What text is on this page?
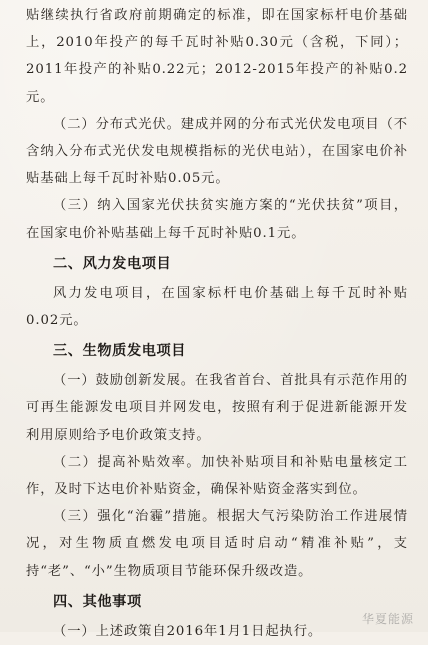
贴继续执行省政府前期确定的标准，即在国家标杆电价基础上，2010年投产的每千瓦时补贴0.30元（含税，下同）；2011年投产的补贴0.22元；2012-2015年投产的补贴0.2元。

（二）分布式光伏。建成并网的分布式光伏发电项目（不含纳入分布式光伏发电规模指标的光伏电站），在国家电价补贴基础上每千瓦时补贴0.05元。

（三）纳入国家光伏扶贫实施方案的“光伏扶贫”项目，在国家电价补贴基础上每千瓦时补贴0.1元。

二、风力发电项目

风力发电项目，在国家标杆电价基础上每千瓦时补贴0.02元。

三、生物质发电项目

（一）鼓励创新发展。在我省首台、首批具有示范作用的可再生能源发电项目并网发电，按照有利于促进新能源开发利用原则给予电价政策支持。

（二）提高补贴效率。加快补贴项目和补贴电量核定工作，及时下达电价补贴资金，确保补贴资金落实到位。

（三）强化“治霾”措施。根据大气污染防治工作进展情况，对生物质直燃发电项目适时启动“精准补贴”，支持“老”、“小”生物质项目节能环保升级改造。

四、其他事项

（一）上述政策自2016年1月1日起执行。

华夏能源
